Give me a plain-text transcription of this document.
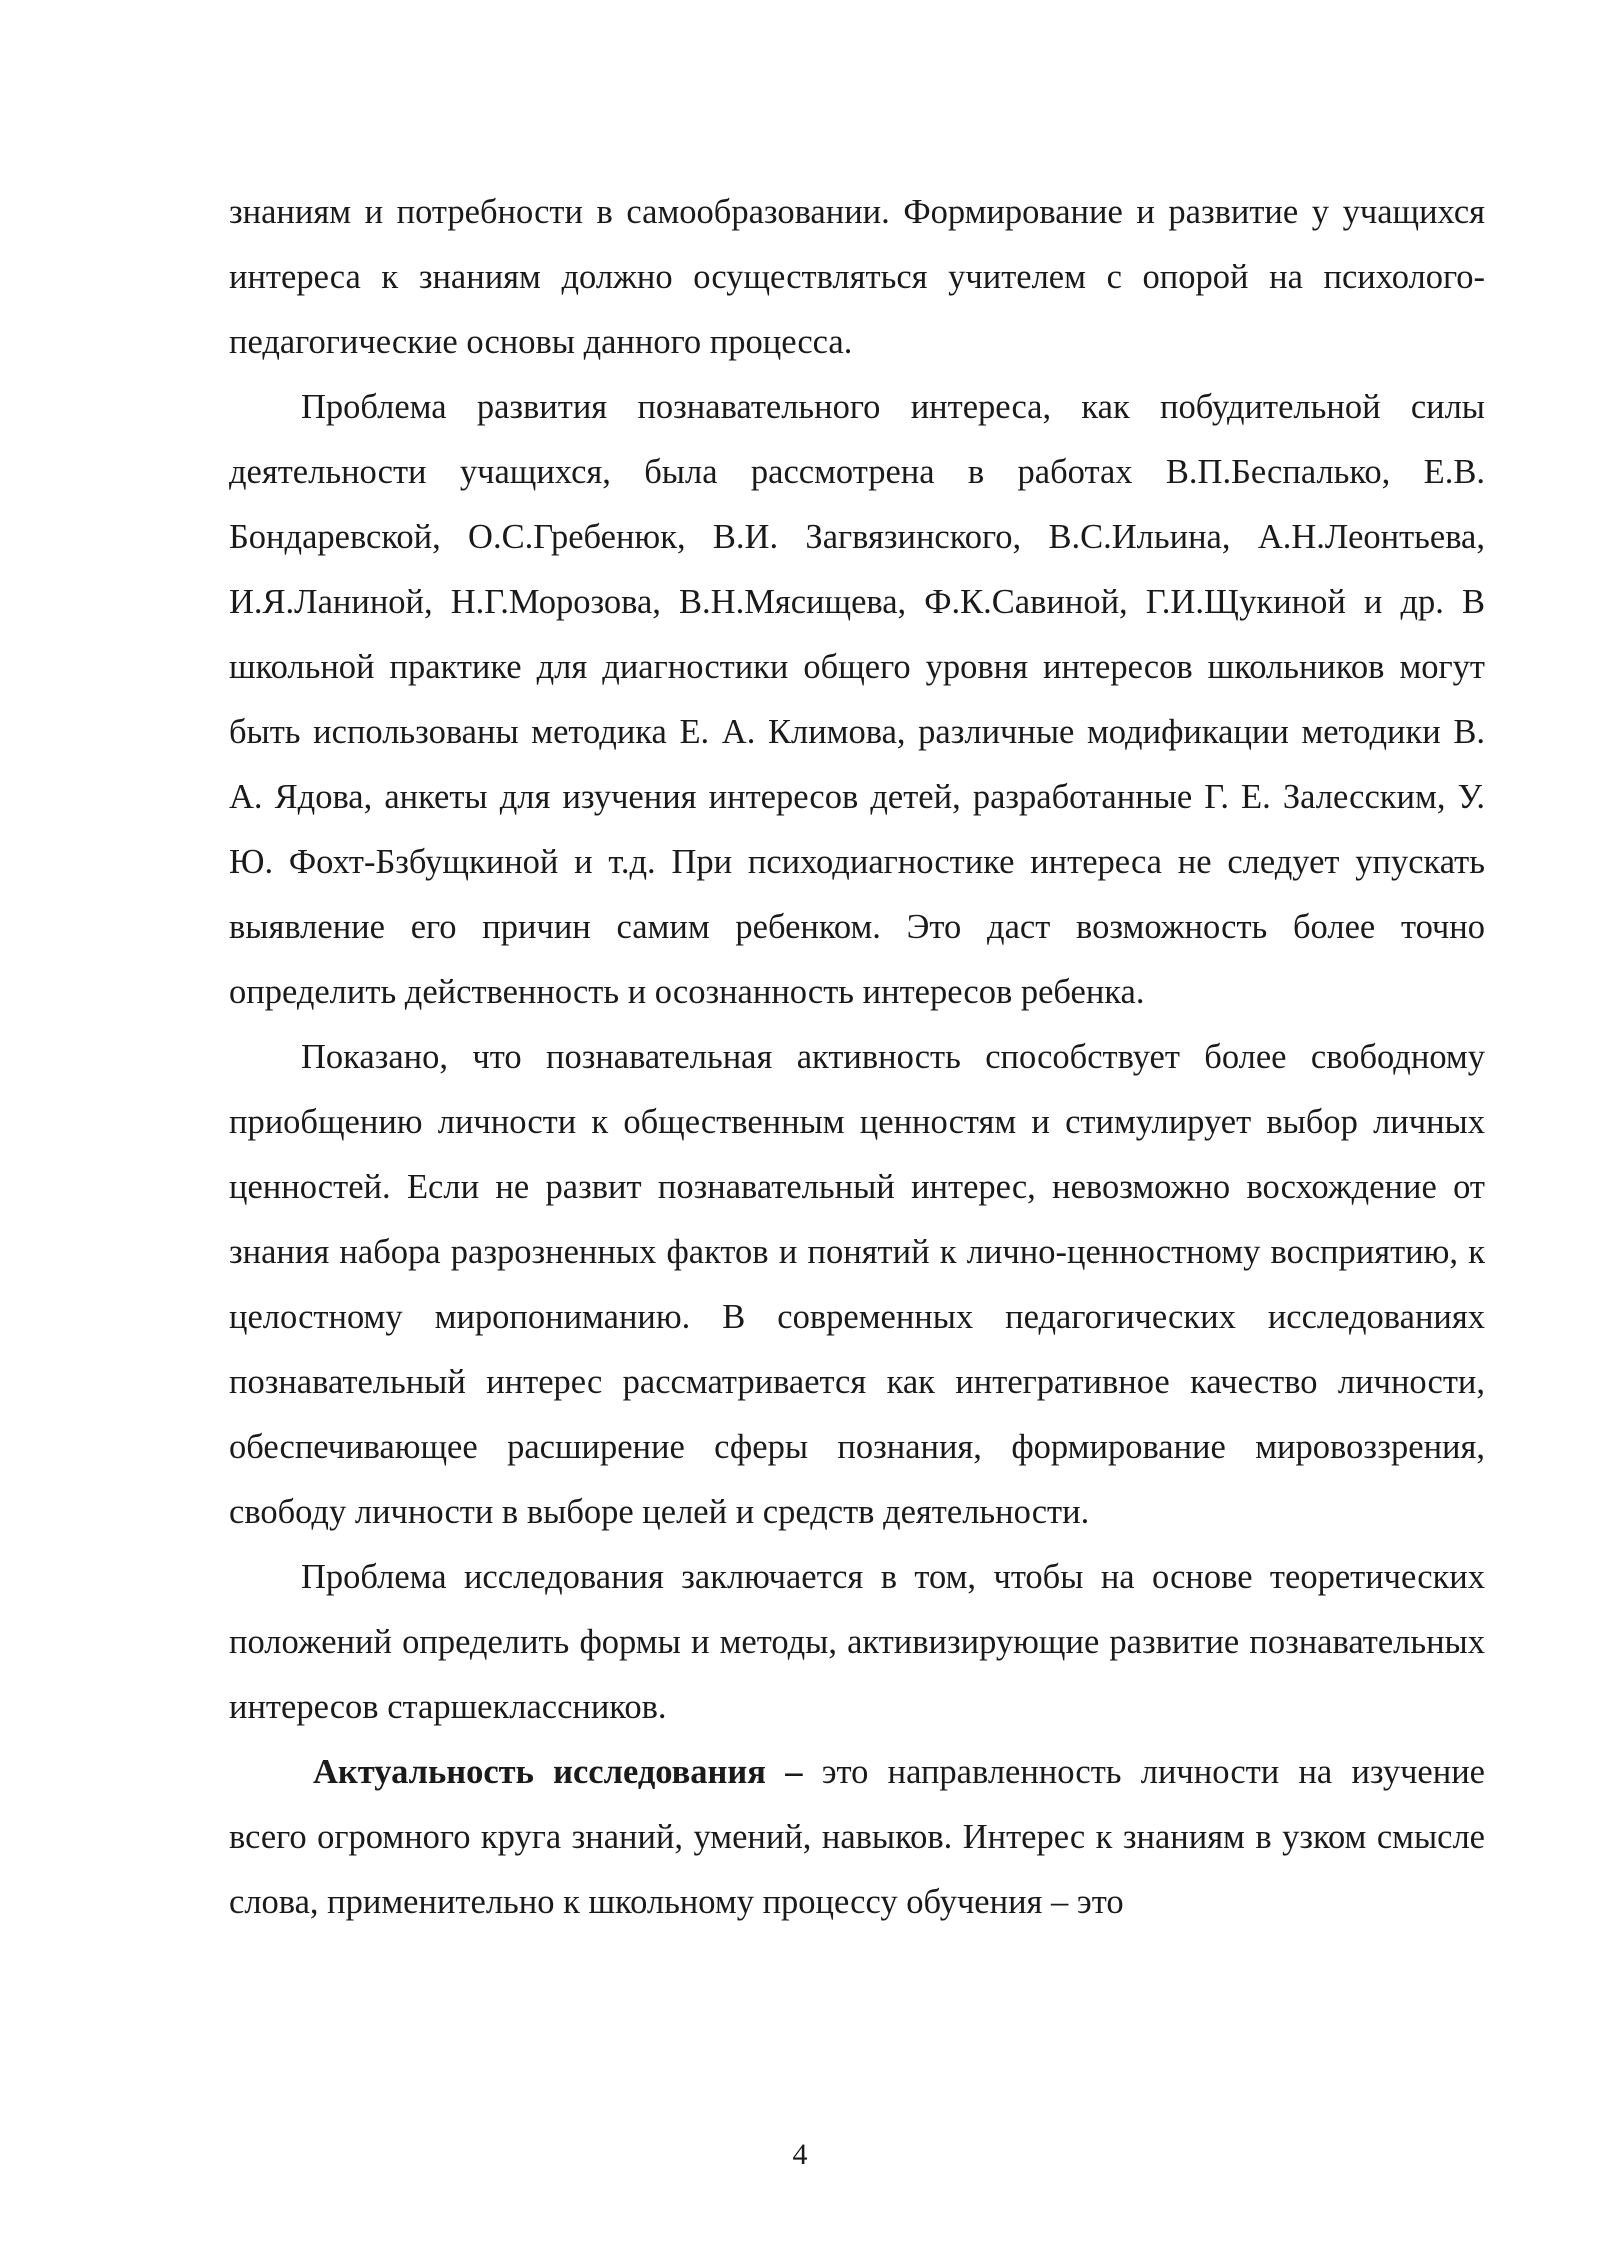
знаниям и потребности в самообразовании. Формирование и развитие у учащихся интереса к знаниям должно осуществляться учителем с опорой на психолого-педагогические основы данного процесса.

Проблема развития познавательного интереса, как побудительной силы деятельности учащихся, была рассмотрена в работах В.П.Беспалько, Е.В. Бондаревской, О.С.Гребенюк, В.И. Загвязинского, В.С.Ильина, А.Н.Леонтьева, И.Я.Ланиной, Н.Г.Морозова, В.Н.Мясищева, Ф.К.Савиной, Г.И.Щукиной и др. В школьной практике для диагностики общего уровня интересов школьников могут быть использованы методика Е. А. Климова, различные модификации методики В. А. Ядова, анкеты для изучения интересов детей, разработанные Г. Е. Залесским, У. Ю. Фохт-Бзбущкиной и т.д. При психодиагностике интереса не следует упускать выявление его причин самим ребенком. Это даст возможность более точно определить действенность и осознанность интересов ребенка.

Показано, что познавательная активность способствует более свободному приобщению личности к общественным ценностям и стимулирует выбор личных ценностей. Если не развит познавательный интерес, невозможно восхождение от знания набора разрозненных фактов и понятий к лично-ценностному восприятию, к целостному миропониманию. В современных педагогических исследованиях познавательный интерес рассматривается как интегративное качество личности, обеспечивающее расширение сферы познания, формирование мировоззрения, свободу личности в выборе целей и средств деятельности.

Проблема исследования заключается в том, чтобы на основе теоретических положений определить формы и методы, активизирующие развитие познавательных интересов старшеклассников.

Актуальность исследования – это направленность личности на изучение всего огромного круга знаний, умений, навыков. Интерес к знаниям в узком смысле слова, применительно к школьному процессу обучения – это

4
